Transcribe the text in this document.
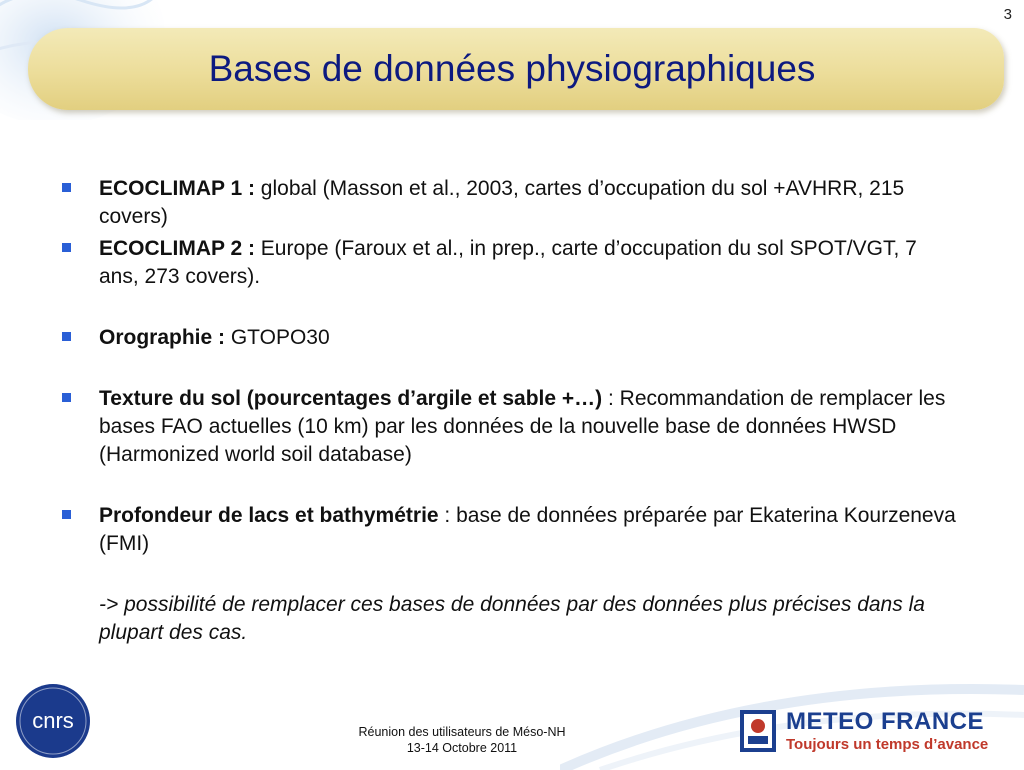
3
Bases de données physiographiques
ECOCLIMAP 1 : global (Masson et al., 2003, cartes d’occupation du sol +AVHRR, 215 covers)
ECOCLIMAP 2 : Europe (Faroux et al., in prep., carte d’occupation du sol SPOT/VGT, 7 ans, 273 covers).
Orographie : GTOPO30
Texture du sol (pourcentages d’argile et sable +…) : Recommandation de remplacer les bases FAO actuelles (10 km) par les données de la nouvelle base de données HWSD (Harmonized world soil database)
Profondeur de lacs et bathymétrie : base de données préparée par Ekaterina Kourzeneva (FMI)
-> possibilité de remplacer ces bases de données par des données plus précises dans la plupart des cas.
cnrs	Réunion des utilisateurs de Méso-NH
13-14 Octobre 2011
METEO FRANCE
Toujours un temps d’avance
